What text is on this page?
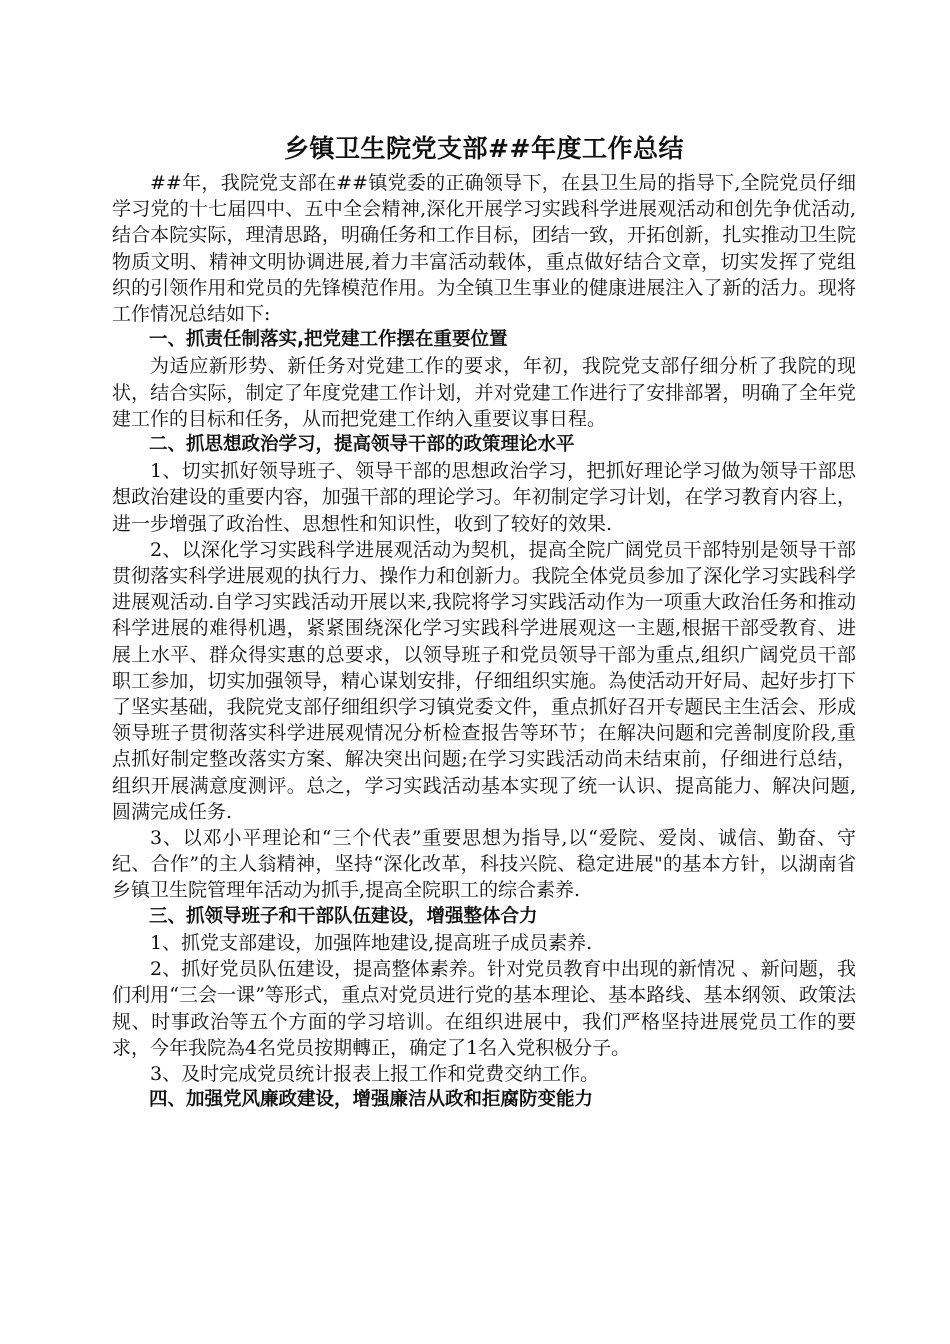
乡镇卫生院党支部##年度工作总结

##年，我院党支部在##镇党委的正确领导下，在县卫生局的指导下,全院党员仔细学习党的十七届四中、五中全会精神,深化开展学习实践科学进展观活动和创先争优活动,结合本院实际，理清思路，明确任务和工作目标，团结一致，开拓创新，扎实推动卫生院物质文明、精神文明协调进展,着力丰富活动载体，重点做好结合文章，切实发挥了党组织的引领作用和党员的先锋模范作用。为全镇卫生事业的健康进展注入了新的活力。现将工作情况总结如下:

一、抓责任制落实,把党建工作摆在重要位置

为适应新形势、新任务对党建工作的要求，年初，我院党支部仔细分析了我院的现状，结合实际，制定了年度党建工作计划，并对党建工作进行了安排部署，明确了全年党建工作的目标和任务，从而把党建工作纳入重要议事日程。

二、抓思想政治学习，提高领导干部的政策理论水平

1、切实抓好领导班子、领导干部的思想政治学习，把抓好理论学习做为领导干部思想政治建设的重要内容，加强干部的理论学习。年初制定学习计划，在学习教育内容上，进一步增强了政治性、思想性和知识性，收到了较好的效果.

2、以深化学习实践科学进展观活动为契机，提高全院广阔党员干部特别是领导干部贯彻落实科学进展观的执行力、操作力和创新力。我院全体党员参加了深化学习实践科学进展观活动.自学习实践活动开展以来,我院将学习实践活动作为一项重大政治任务和推动科学进展的难得机遇，紧紧围绕深化学习实践科学进展观这一主题,根据干部受教育、进展上水平、群众得实惠的总要求，以领导班子和党员领导干部为重点,组织广阔党员干部职工参加，切实加强领导，精心谋划安排，仔细组织实施。為使活动开好局、起好步打下了坚实基础，我院党支部仔细组织学习镇党委文件，重点抓好召开专题民主生活会、形成领导班子贯彻落实科学进展观情况分析检查报告等环节；在解决问题和完善制度阶段,重点抓好制定整改落实方案、解决突出问题;在学习实践活动尚未结束前，仔细进行总结，组织开展满意度测评。总之，学习实践活动基本实现了统一认识、提高能力、解决问题,圆满完成任务.

3、以邓小平理论和“三个代表”重要思想为指导,以“爱院、爱岗、诚信、勤奋、守纪、合作”的主人翁精神，坚持“深化改革，科技兴院、稳定进展"的基本方针，以湖南省乡镇卫生院管理年活动为抓手,提高全院职工的综合素养.

三、抓领导班子和干部队伍建设，增强整体合力

1、抓党支部建设，加强阵地建设,提高班子成员素养.

2、抓好党员队伍建设，提高整体素养。针对党员教育中出现的新情况 、新问题，我们利用“三会一课”等形式，重点对党员进行党的基本理论、基本路线、基本纲领、政策法规、时事政治等五个方面的学习培训。在组织进展中，我们严格坚持进展党员工作的要求，今年我院為4名党员按期轉正，确定了1名入党积极分子。

3、及时完成党员统计报表上报工作和党费交纳工作。

四、加强党风廉政建设，增强廉洁从政和拒腐防变能力
